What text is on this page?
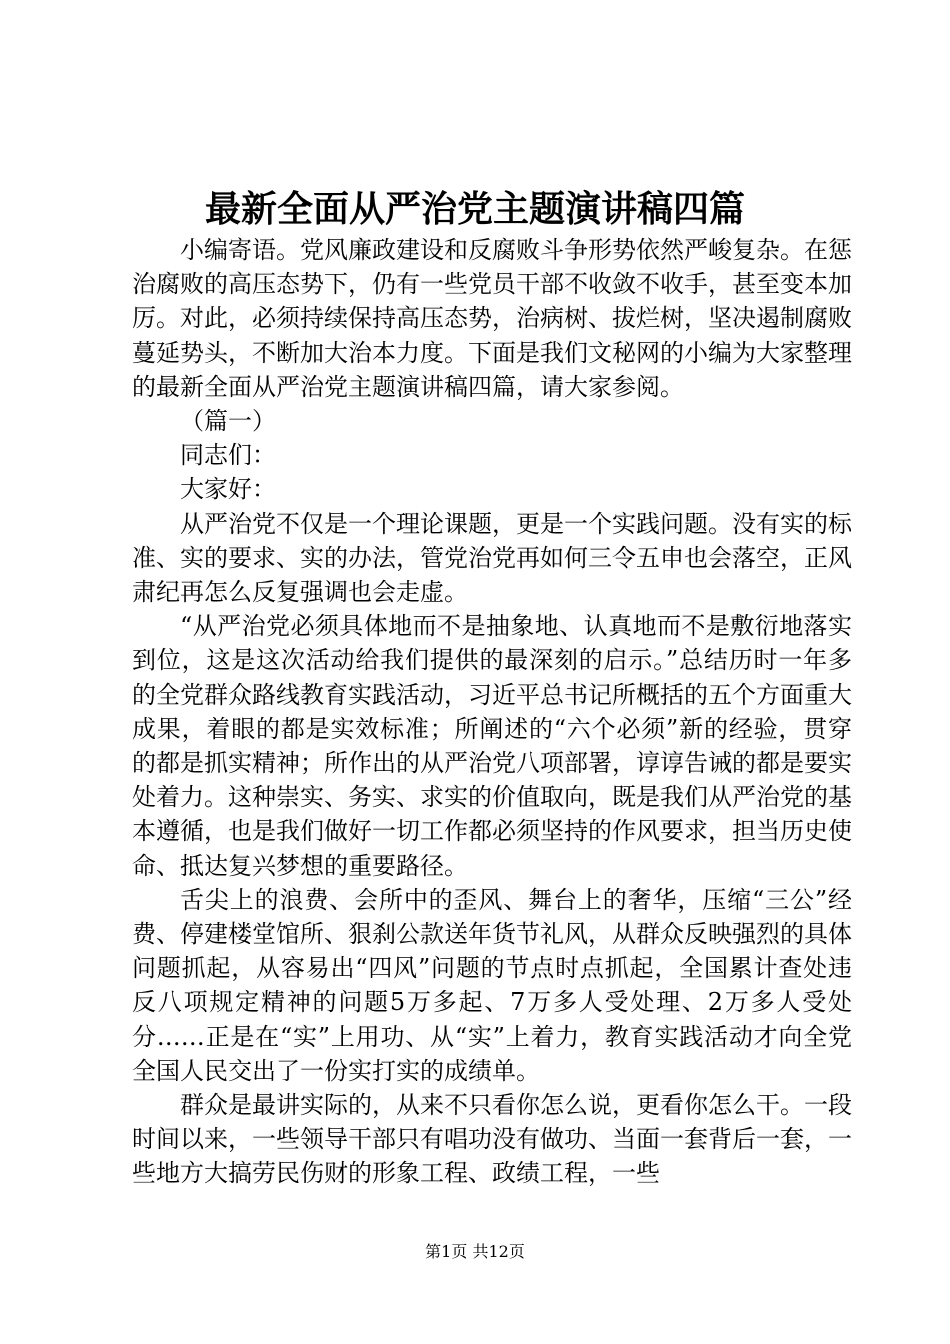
最新全面从严治党主题演讲稿四篇

小编寄语。党风廉政建设和反腐败斗争形势依然严峻复杂。在惩治腐败的高压态势下，仍有一些党员干部不收敛不收手，甚至变本加厉。对此，必须持续保持高压态势，治病树、拔烂树，坚决遏制腐败蔓延势头，不断加大治本力度。下面是我们文秘网的小编为大家整理的最新全面从严治党主题演讲稿四篇，请大家参阅。

（篇一）

同志们：

大家好：

从严治党不仅是一个理论课题，更是一个实践问题。没有实的标准、实的要求、实的办法，管党治党再如何三令五申也会落空，正风肃纪再怎么反复强调也会走虚。

“从严治党必须具体地而不是抽象地、认真地而不是敷衍地落实到位，这是这次活动给我们提供的最深刻的启示。”总结历时一年多的全党群众路线教育实践活动，习近平总书记所概括的五个方面重大成果，着眼的都是实效标准；所阐述的“六个必须”新的经验，贯穿的都是抓实精神；所作出的从严治党八项部署，谆谆告诫的都是要实处着力。这种崇实、务实、求实的价值取向，既是我们从严治党的基本遵循，也是我们做好一切工作都必须坚持的作风要求，担当历史使命、抵达复兴梦想的重要路径。

舌尖上的浪费、会所中的歪风、舞台上的奢华，压缩“三公”经费、停建楼堂馆所、狠刹公款送年货节礼风，从群众反映强烈的具体问题抓起，从容易出“四风”问题的节点时点抓起，全国累计查处违反八项规定精神的问题5万多起、7万多人受处理、2万多人受处分……正是在“实”上用功、从“实”上着力，教育实践活动才向全党全国人民交出了一份实打实的成绩单。

群众是最讲实际的，从来不只看你怎么说，更看你怎么干。一段时间以来，一些领导干部只有唱功没有做功、当面一套背后一套，一些地方大搞劳民伤财的形象工程、政绩工程，一些

第1页 共12页
